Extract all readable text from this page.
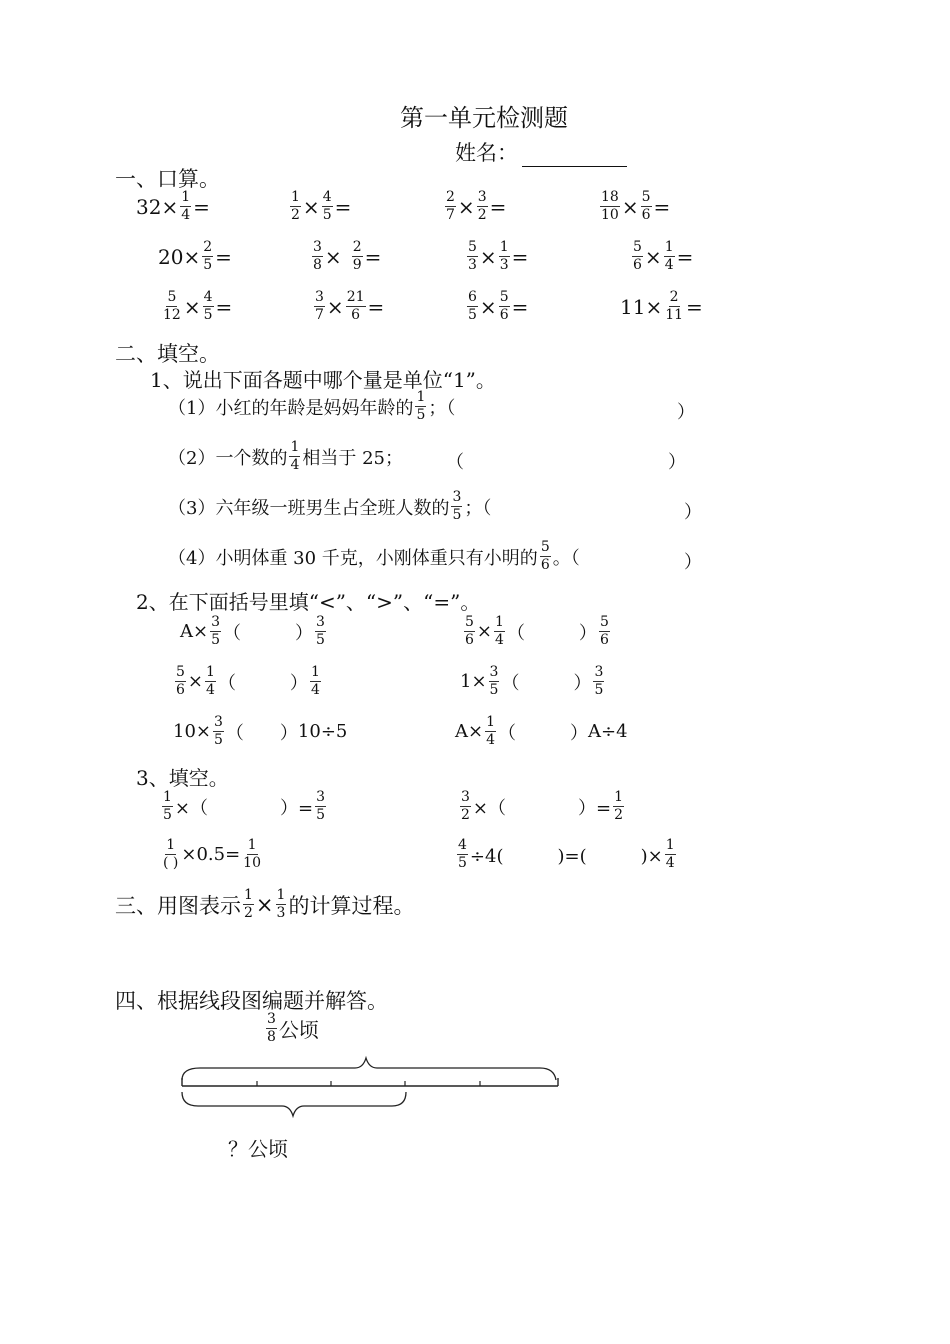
第一单元检测题
姓名：
一、口算。
$32\times \frac{1}{4}$ =	$\frac{1}{2} \times \frac{4}{5}$ =	$\frac{2}{7} \times \frac{3}{2}$ =	$\frac{18}{10} \times \frac{5}{6}$ =
$20\times \frac{2}{5}$ =	$\frac{3}{8} \times \frac{2}{9}$ =	$\frac{5}{3} \times \frac{1}{3}$ =	$\frac{5}{6} \times \frac{1}{4}$ =
$\frac{5}{12} \times \frac{4}{5}$ =	$\frac{3}{7} \times \frac{21}{6}$ =	$\frac{6}{5} \times \frac{5}{6}$ =	$11\times \frac{2}{11}$ =
二、填空。
1、说出下面各题中哪个量是单位“1”。
（1）小红的年龄是妈妈年龄的 $\frac{1}{5}$ ；（	）
（2）一个数的 $\frac{1}{4}$ 相当于 25； （	）
（3）六年级一班男生占全班人数的 $\frac{3}{5}$ ；（	）
（4）小明体重 30 千克，小刚体重只有小明的 $\frac{5}{6}$ 。（	）
2、在下面括号里填“<”、“>”、“=”。
$A\times \frac{3}{5}$ （　　　） $\frac{3}{5}$	$\frac{5}{6} \times \frac{1}{4}$ （　　　） $\frac{5}{6}$
$\frac{5}{6} \times \frac{1}{4}$ （　　　） $\frac{1}{4}$	$1\times \frac{3}{5}$ （　　　） $\frac{3}{5}$
$10\times \frac{3}{5}$ （　　） 10÷5	$A\times \frac{1}{4}$ （　　　） A÷4
3、填空。
$\frac{1}{5}$ ×（　　　　）= $\frac{3}{5}$	$\frac{3}{2}$ ×（　　　　）= $\frac{1}{2}$
$\frac{1}{( )} \times 0.5= \frac{1}{10}$	$\frac{4}{5} \div 4$(　　　)=(　　　)× $\frac{1}{4}$
三、用图表示 $\frac{1}{2} \times \frac{1}{3}$ 的计算过程。
四、根据线段图编题并解答。
$\frac{3}{8}$ 公顷
？公顷
